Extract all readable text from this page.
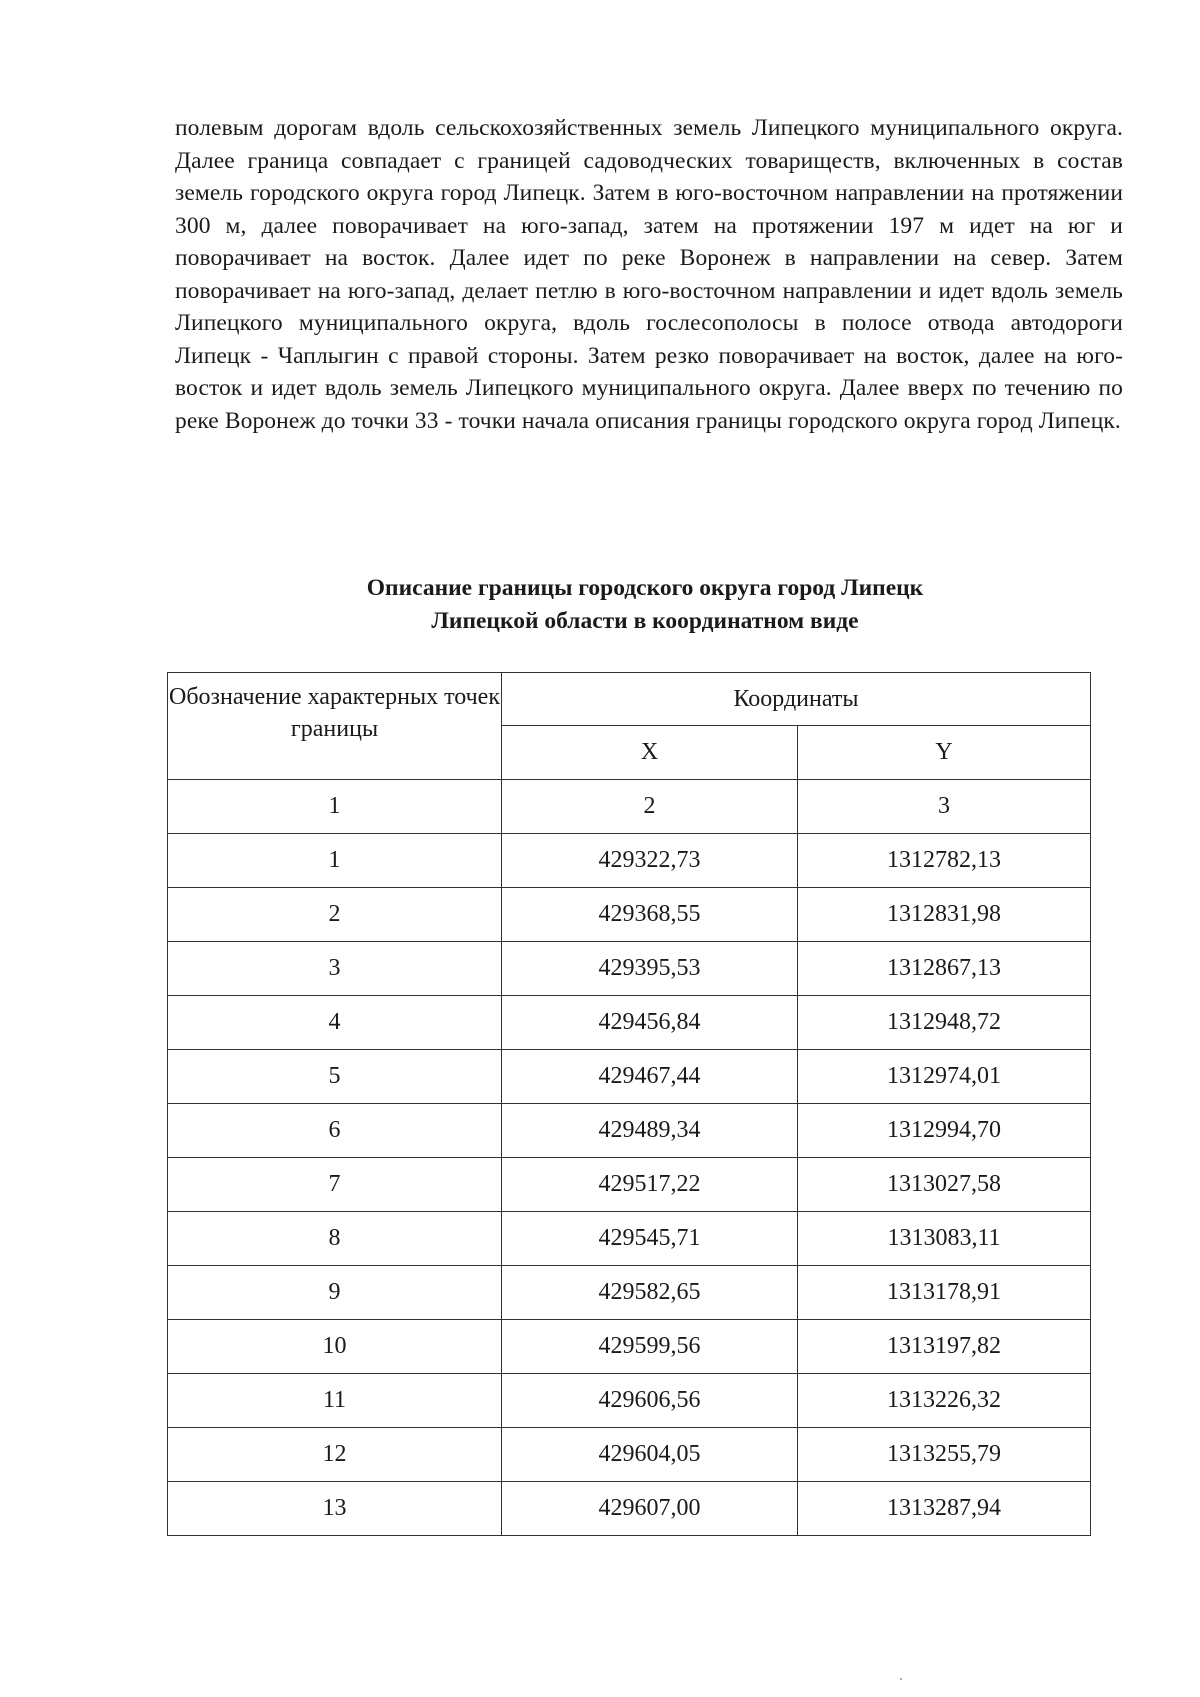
полевым дорогам вдоль сельскохозяйственных земель Липецкого муниципального округа. Далее граница совпадает с границей садоводческих товариществ, включенных в состав земель городского округа город Липецк. Затем в юго-восточном направлении на протяжении 300 м, далее поворачивает на юго-запад, затем на протяжении 197 м идет на юг и поворачивает на восток. Далее идет по реке Воронеж в направлении на север. Затем поворачивает на юго-запад, делает петлю в юго-восточном направлении и идет вдоль земель Липецкого муниципального округа, вдоль гослесополосы в полосе отвода автодороги Липецк - Чаплыгин с правой стороны. Затем резко поворачивает на восток, далее на юго-восток и идет вдоль земель Липецкого муниципального округа. Далее вверх по течению по реке Воронеж до точки 33 - точки начала описания границы городского округа город Липецк.

Описание границы городского округа город Липецк
Липецкой области в координатном виде
Обозначение характерных точек границы	Координаты	
	X	Y
1	2	3
1	429322,73	1312782,13
2	429368,55	1312831,98
3	429395,53	1312867,13
4	429456,84	1312948,72
5	429467,44	1312974,01
6	429489,34	1312994,70
7	429517,22	1313027,58
8	429545,71	1313083,11
9	429582,65	1313178,91
10	429599,56	1313197,82
11	429606,56	1313226,32
12	429604,05	1313255,79
13	429607,00	1313287,94
